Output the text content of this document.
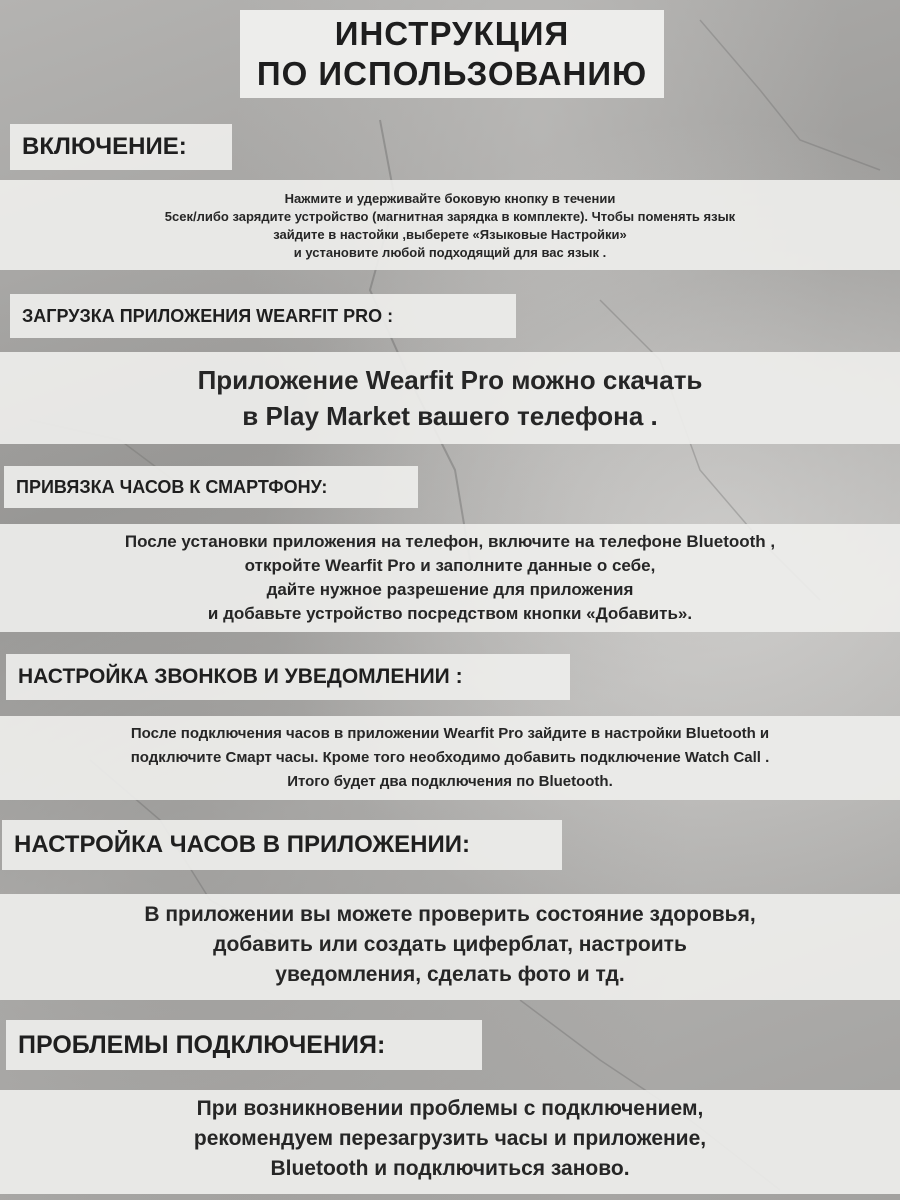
ИНСТРУКЦИЯ
ПО ИСПОЛЬЗОВАНИЮ
ВКЛЮЧЕНИЕ:
Нажмите и удерживайте боковую кнопку в течении
5сек/либо зарядите устройство (магнитная зарядка в комплекте). Чтобы поменять язык
зайдите в настойки ,выберете «Языковые Настройки»
и установите любой подходящий для вас язык .
ЗАГРУЗКА ПРИЛОЖЕНИЯ WEARFIT PRO :
Приложение Wearfit Pro можно скачать
в Play Market вашего телефона .
ПРИВЯЗКА ЧАСОВ К СМАРТФОНУ:
После установки приложения на телефон, включите на телефоне Bluetooth ,
откройте Wearfit Pro и заполните данные о себе,
дайте нужное разрешение для приложения
и добавьте устройство посредством кнопки «Добавить».
НАСТРОЙКА ЗВОНКОВ И УВЕДОМЛЕНИИ :
После подключения часов в приложении Wearfit Pro зайдите в настройки Bluetooth и
подключите Смарт часы. Кроме того необходимо добавить подключение Watch Call .
Итого будет два подключения по Bluetooth.
НАСТРОЙКА ЧАСОВ В ПРИЛОЖЕНИИ:
В приложении вы можете проверить состояние здоровья,
добавить или создать циферблат, настроить
уведомления, сделать фото и тд.
ПРОБЛЕМЫ ПОДКЛЮЧЕНИЯ:
При возникновении проблемы с подключением,
рекомендуем перезагрузить часы и приложение,
Bluetooth и подключиться заново.
